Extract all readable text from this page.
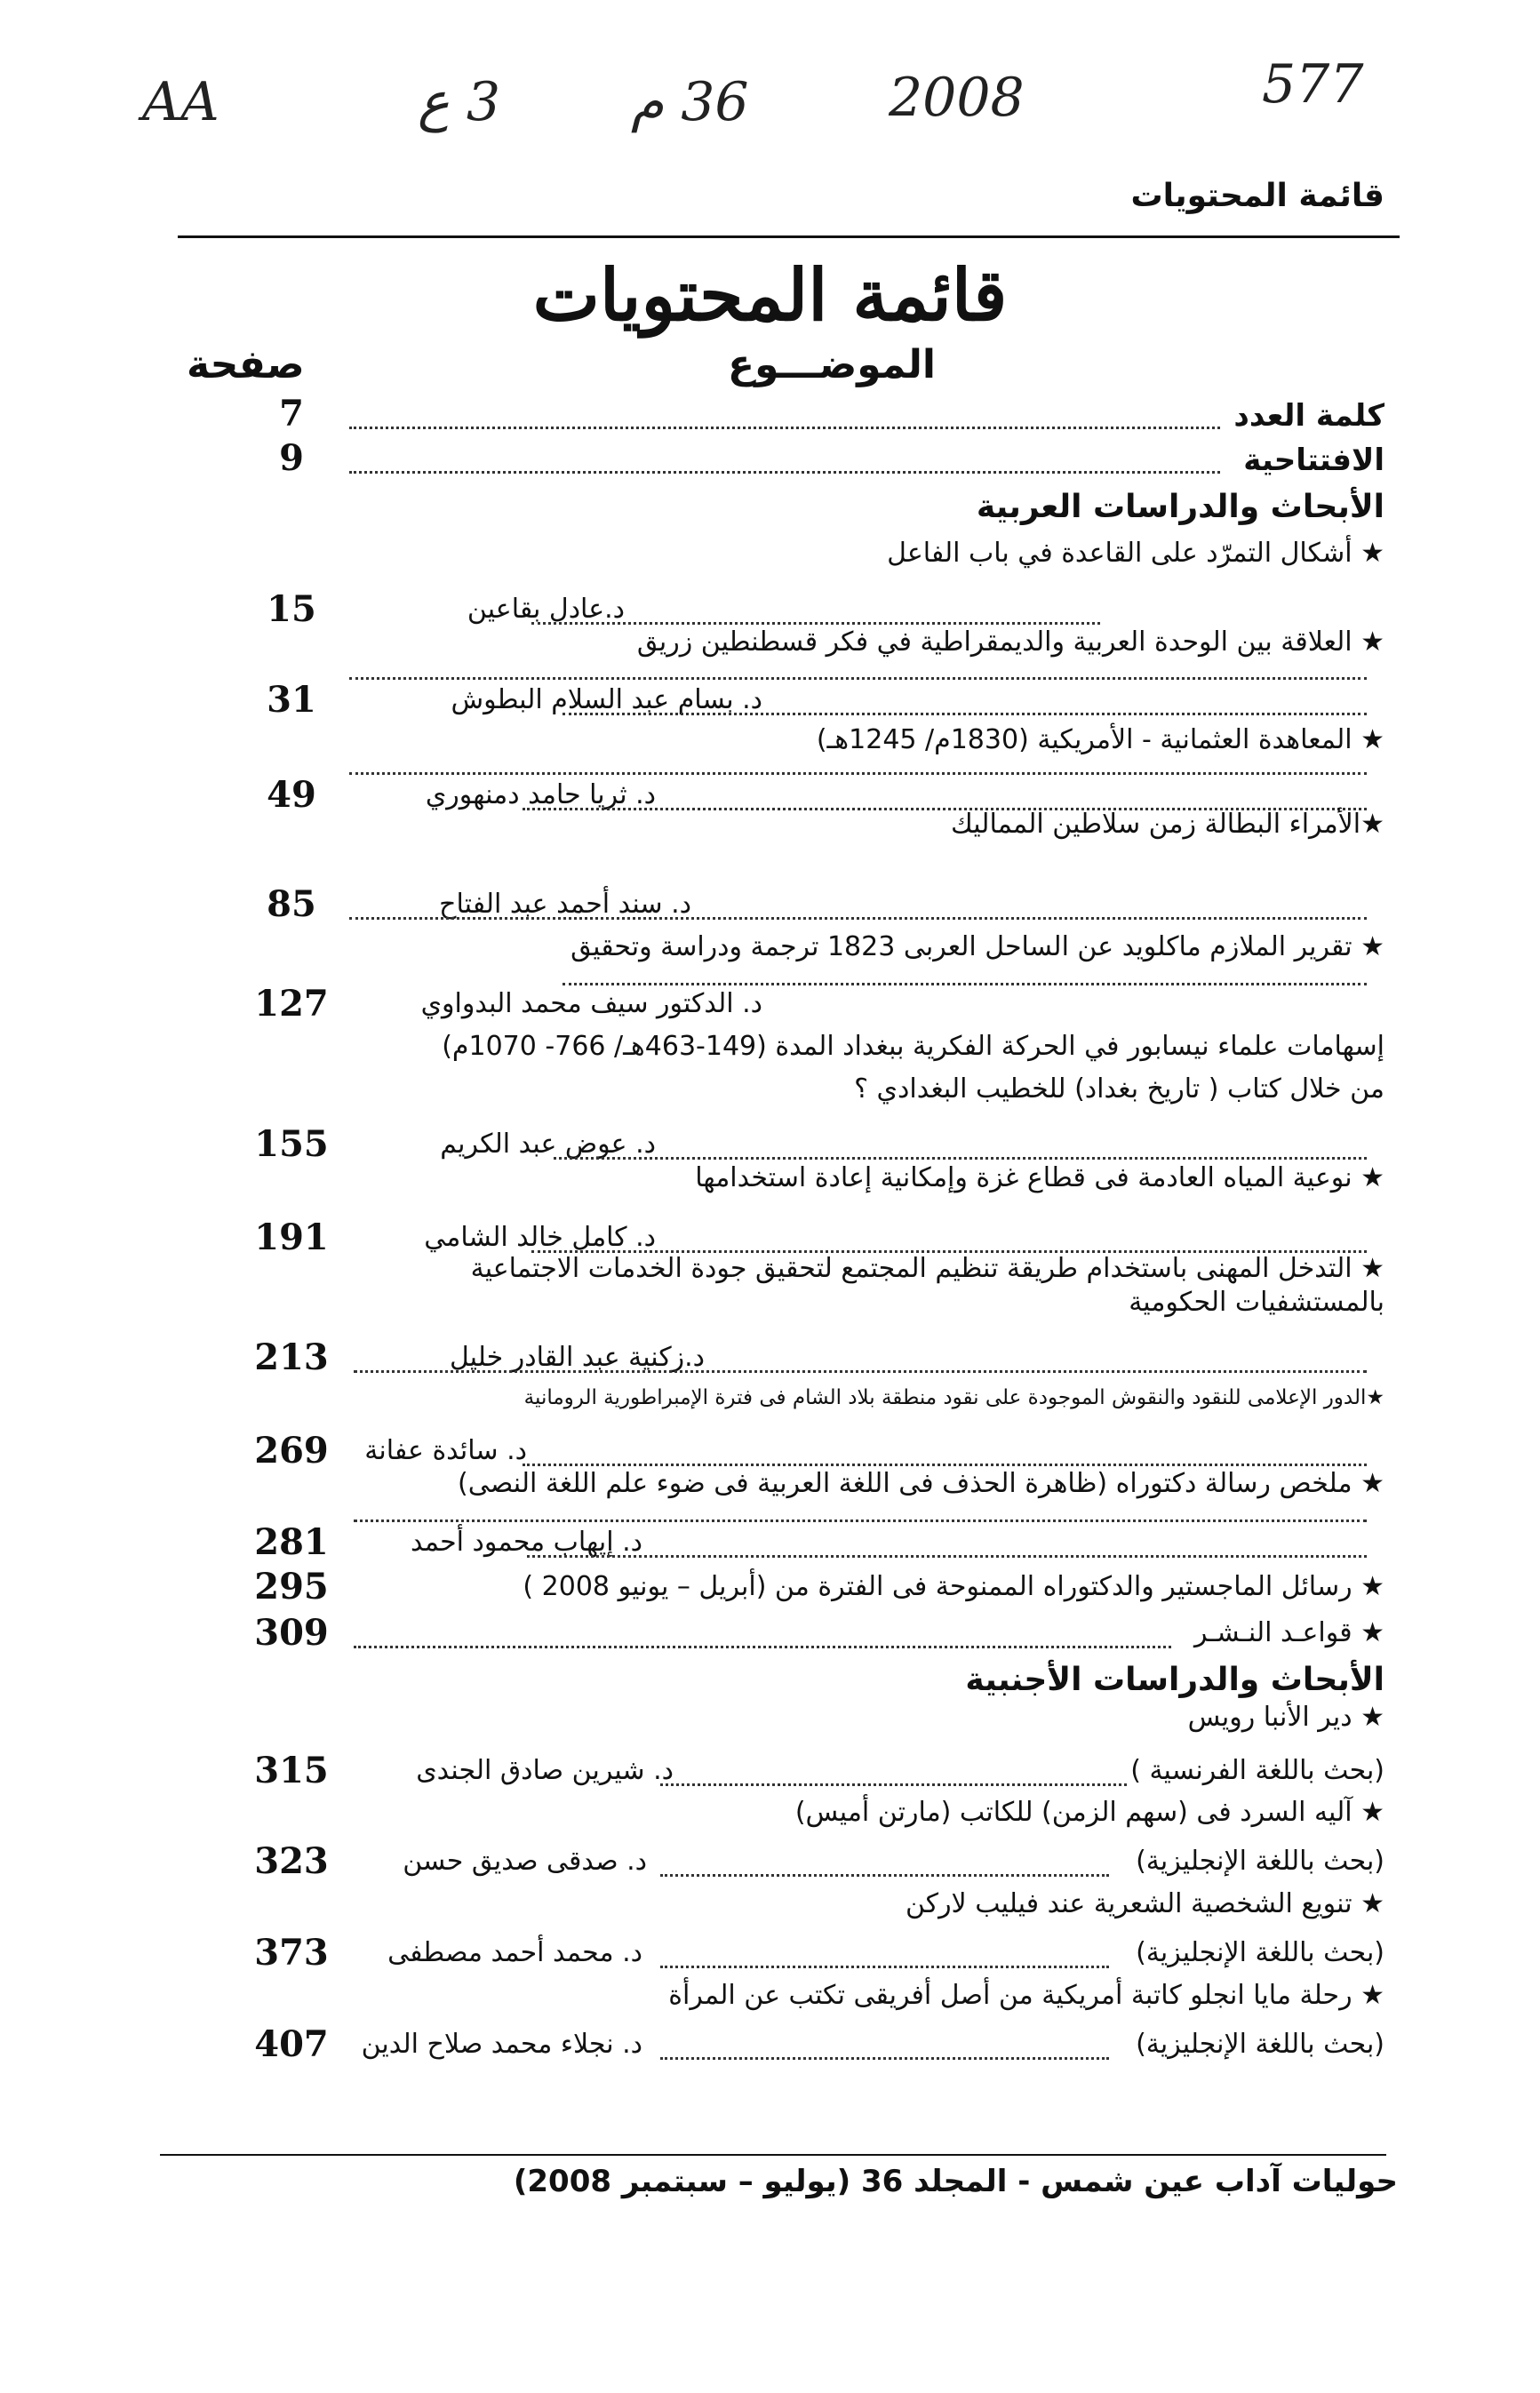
AA	3 ع 36 م	2008	577
قائمة المحتويات
قائمة المحتويات
الموضـــوع
صفحة
كلمة العدد
7
الافتتاحية
9
الأبحاث والدراسات العربية
★ أشكال التمرّد على القاعدة في باب الفاعل
د.عادل بقاعين
15
★ العلاقة بين الوحدة العربية والديمقراطية في فكر قسطنطين زريق
د. بسام عبد السلام البطوش
31
★ المعاهدة العثمانية - الأمريكية (1830م/ 1245هـ)
د. ثريا حامد دمنهوري
49
★الأمراء البطالة زمن سلاطين المماليك
د. سند أحمد عبد الفتاح
85
★ تقرير الملازم ماكلويد عن الساحل العربى 1823 ترجمة ودراسة وتحقيق
د. الدكتور سيف محمد البدواوي
127
إسهامات علماء نيسابور في الحركة الفكرية ببغداد المدة (149-463هـ/ 766- 1070م)
من خلال كتاب ( تاريخ بغداد) للخطيب البغدادي ؟
د. عوض عبد الكريم
155
★ نوعية المياه العادمة فى قطاع غزة وإمكانية إعادة استخدامها
د. كامل خالد الشامي
191
★ التدخل المهنى باستخدام طريقة تنظيم المجتمع لتحقيق جودة الخدمات الاجتماعية
بالمستشفيات الحكومية
د.زكنية عبد القادر خليل
213
★الدور الإعلامى للنقود والنقوش الموجودة على نقود منطقة بلاد الشام فى فترة الإمبراطورية الرومانية
د. سائدة عفانة
269
★ ملخص رسالة دكتوراه (ظاهرة الحذف فى اللغة العربية فى ضوء علم اللغة النصى)
د. إيهاب محمود أحمد
281
★ رسائل الماجستير والدكتوراه الممنوحة فى الفترة من (أبريل – يونيو 2008 )
295
★ قواعـد النـشـر
309
الأبحاث والدراسات الأجنبية
★ دير الأنبا رويس
(بحث باللغة الفرنسية )
د. شيرين صادق الجندى
315
★ آليه السرد فى (سهم الزمن) للكاتب (مارتن أميس)
(بحث باللغة الإنجليزية)
د. صدقى صديق حسن
323
★ تنويع الشخصية الشعرية عند فيليب لاركن
(بحث باللغة الإنجليزية)
د. محمد أحمد مصطفى
373
★ رحلة مايا انجلو كاتبة أمريكية من أصل أفريقى تكتب عن المرأة
(بحث باللغة الإنجليزية)
د. نجلاء محمد صلاح الدين
407
حوليات آداب عين شمس - المجلد 36 (يوليو – سبتمبر 2008)
